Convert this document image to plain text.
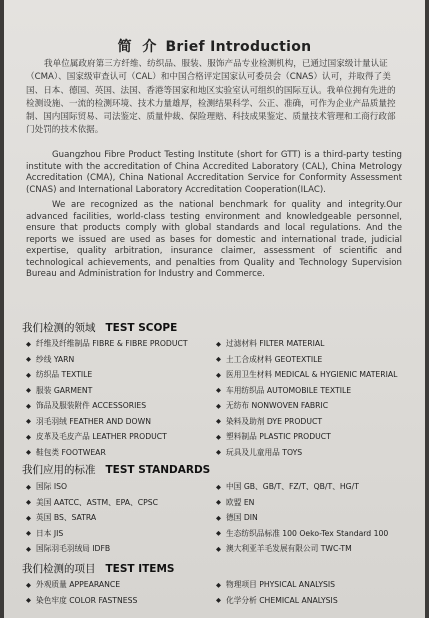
简 介 Brief Introduction

我单位属政府第三方纤维、纺织品、服装、服饰产品专业检测机构，已通过国家级计量认证（CMA）、国家级审查认可（CAL）和中国合格评定国家认可委员会（CNAS）认可，并取得了美国、日本、德国、英国、法国、香港等国家和地区实验室认可组织的国际互认。我单位拥有先进的检测设施、一流的检测环境、技术力量雄厚，检测结果科学、公正、准确，可作为企业产品质量控制、国内国际贸易、司法鉴定、质量仲裁、保险理赔、科技成果鉴定、质量技术管理和工商行政部门处罚的技术依据。

Guangzhou Fibre Product Testing Institute (short for GTT) is a third-party testing institute with the accreditation of China Accredited Laboratory (CAL), China Metrology Accreditation (CMA), China National Accreditation Service for Conformity Assessment (CNAS) and International Laboratory Accreditation Cooperation(ILAC).

We are recognized as the national benchmark for quality and integrity.Our advanced facilities, world-class testing environment and knowledgeable personnel, ensure that products comply with global standards and local regulations. And the reports we issued are used as bases for domestic and international trade, judicial expertise, quality arbitration, insurance claimer, assessment of scientific and technological achievements, and penalties from Quality and Technology Supervision Bureau and Administration for Industry and Commerce.

我们检测的领域 TEST SCOPE
◆ 纤维及纤维制品 FIBRE & FIBRE PRODUCT	◆ 过滤材料 FILTER MATERIAL
◆ 纱线 YARN	◆ 土工合成材料 GEOTEXTILE
◆ 纺织品 TEXTILE	◆ 医用卫生材料 MEDICAL & HYGIENIC MATERIAL
◆ 服装 GARMENT	◆ 车用纺织品 AUTOMOBILE TEXTILE
◆ 饰品及服装附件 ACCESSORIES	◆ 无纺布 NONWOVEN FABRIC
◆ 羽毛羽绒 FEATHER AND DOWN	◆ 染料及助剂 DYE PRODUCT
◆ 皮革及毛皮产品 LEATHER PRODUCT	◆ 塑料制品 PLASTIC PRODUCT
◆ 鞋包类 FOOTWEAR	◆ 玩具及儿童用品 TOYS
我们应用的标准 TEST STANDARDS
◆ 国际 ISO	◆ 中国 GB、GB/T、FZ/T、QB/T、HG/T
◆ 美国 AATCC、ASTM、EPA、CPSC	◆ 欧盟 EN
◆ 英国 BS、SATRA	◆ 德国 DIN
◆ 日本 JIS	◆ 生态纺织品标准 100 Oeko-Tex Standard 100
◆ 国际羽毛羽绒局 IDFB	◆ 澳大利亚羊毛发展有限公司 TWC-TM
我们检测的项目 TEST ITEMS
◆ 外观质量 APPEARANCE	◆ 物理项目 PHYSICAL ANALYSIS
◆ 染色牢度 COLOR FASTNESS	◆ 化学分析 CHEMICAL ANALYSIS
